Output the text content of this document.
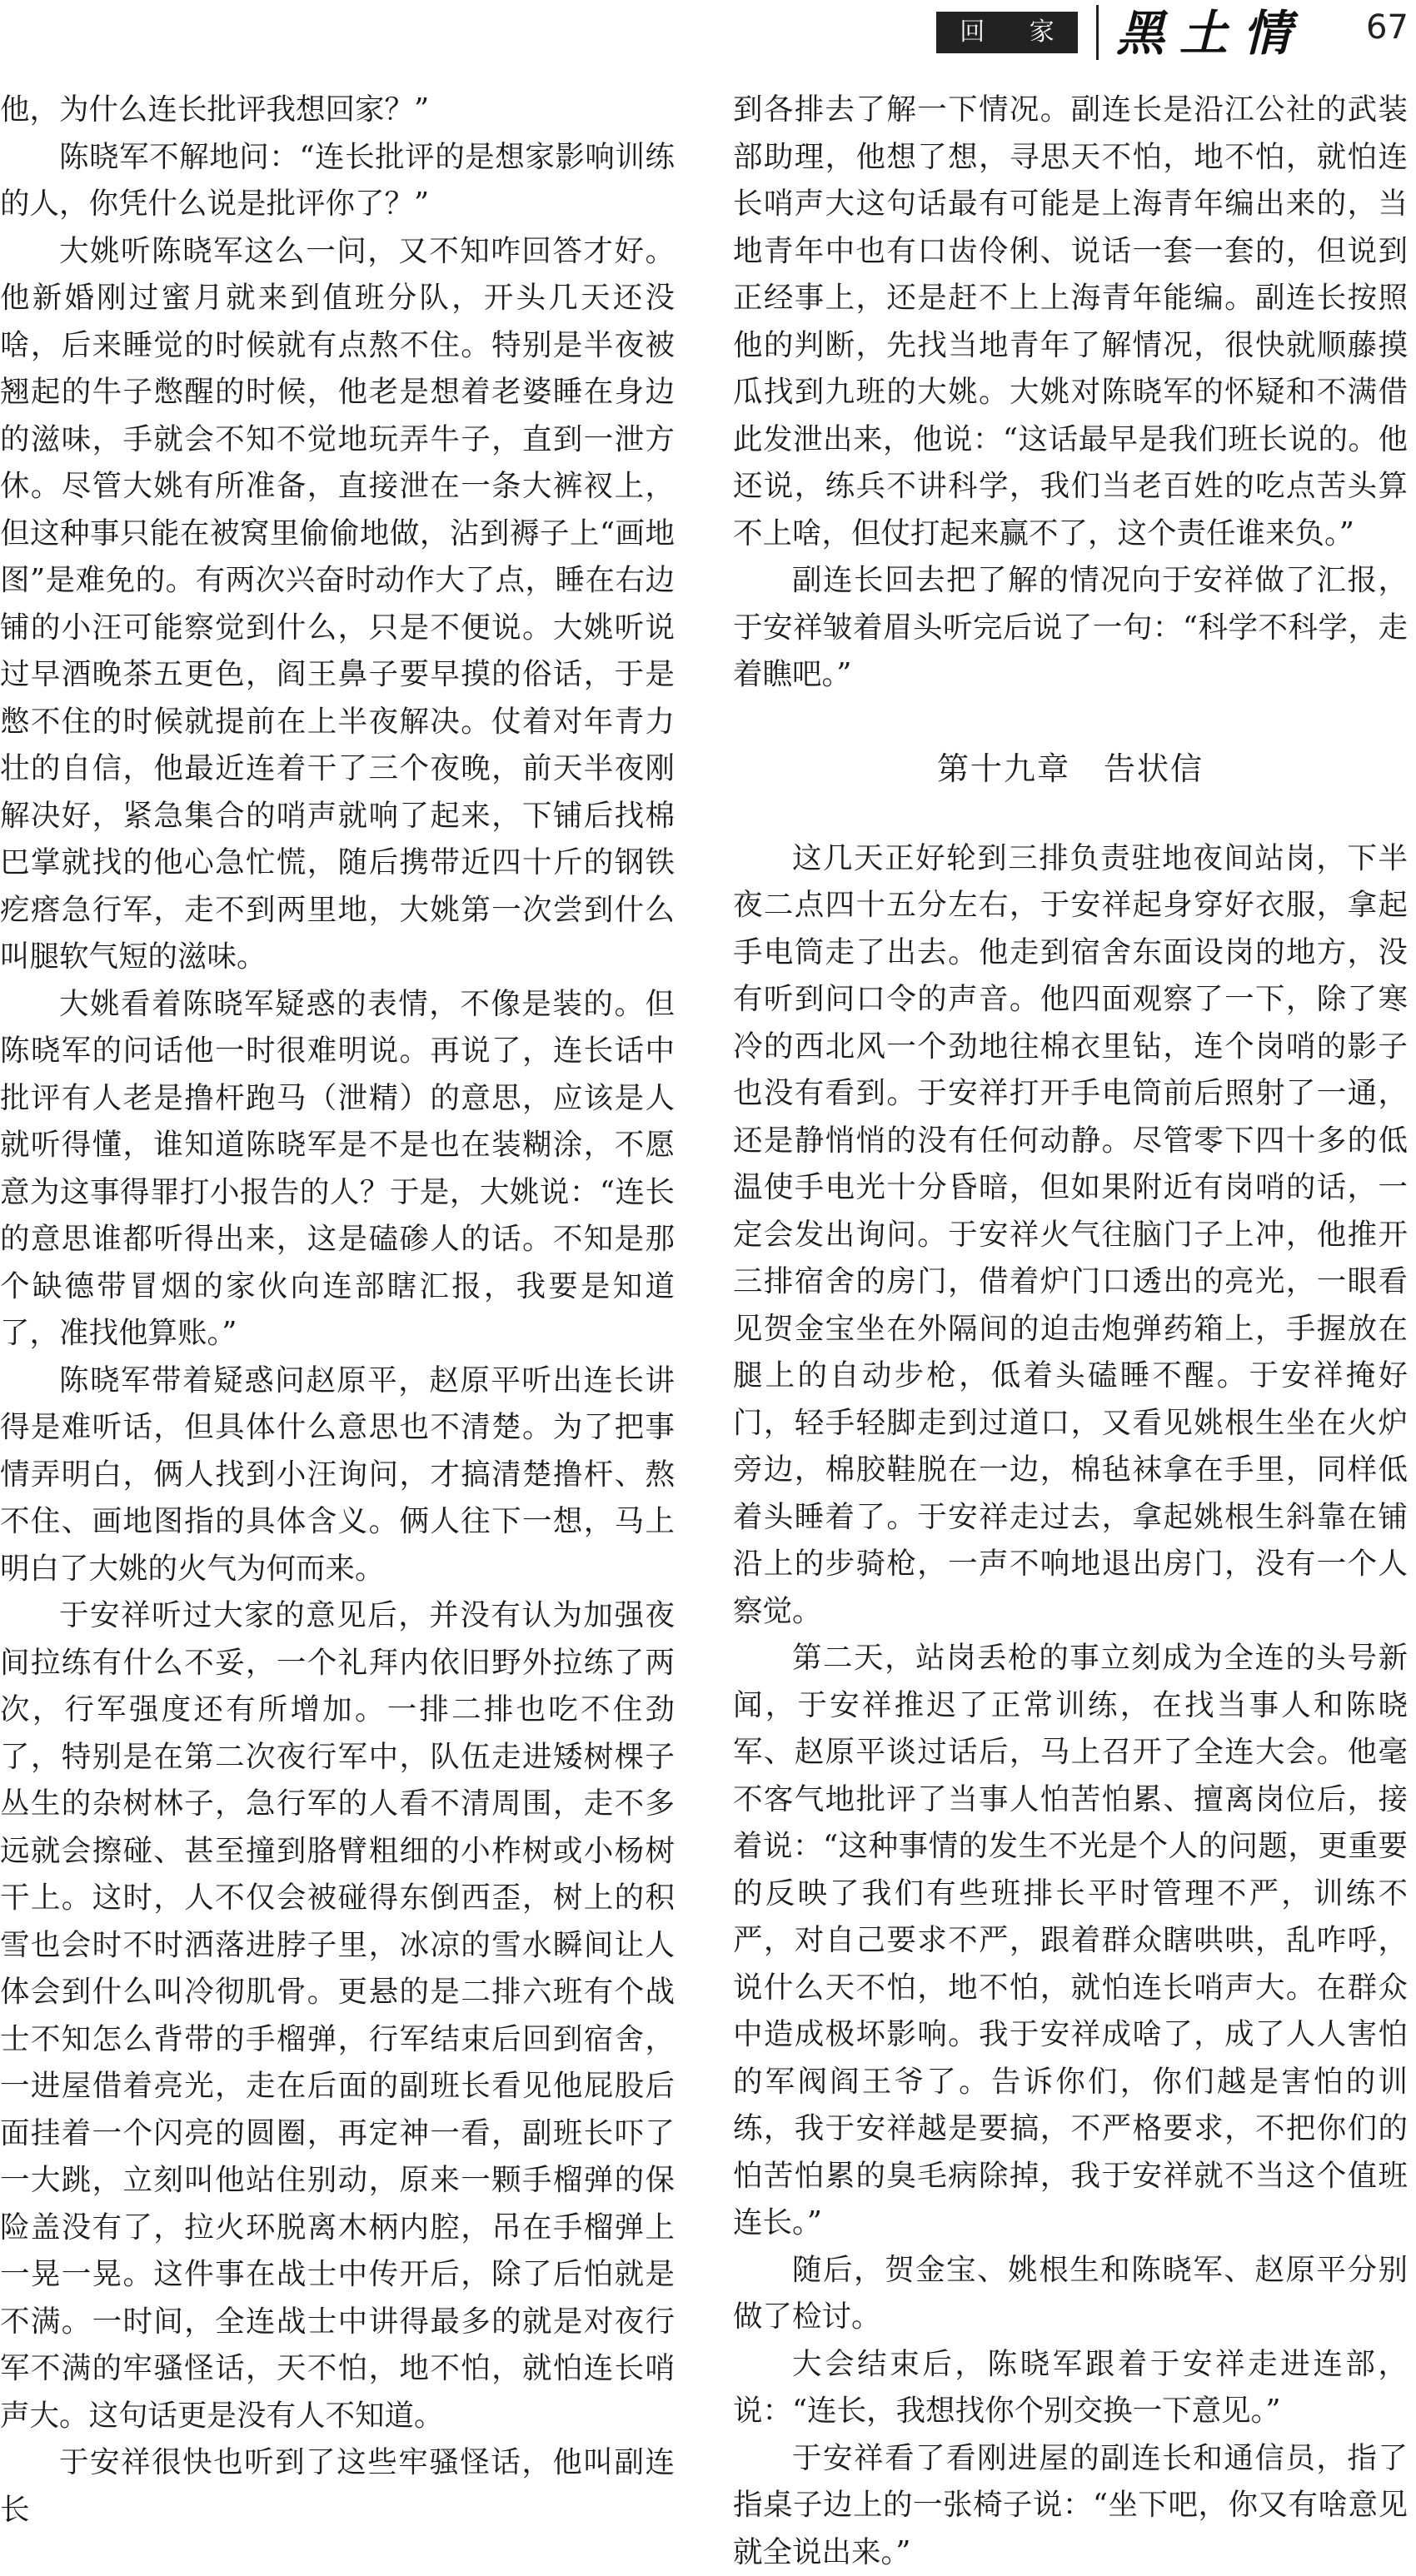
回 家 黑土情 67

他，为什么连长批评我想回家？”

陈晓军不解地问：“连长批评的是想家影响训练的人，你凭什么说是批评你了？”

大姚听陈晓军这么一问，又不知咋回答才好。他新婚刚过蜜月就来到值班分队，开头几天还没啥，后来睡觉的时候就有点熬不住。特别是半夜被翘起的牛子憋醒的时候，他老是想着老婆睡在身边的滋味，手就会不知不觉地玩弄牛子，直到一泄方休。尽管大姚有所准备，直接泄在一条大裤衩上，但这种事只能在被窝里偷偷地做，沾到褥子上“画地图”是难免的。有两次兴奋时动作大了点，睡在右边铺的小汪可能察觉到什么，只是不便说。大姚听说过早酒晚茶五更色，阎王鼻子要早摸的俗话，于是憋不住的时候就提前在上半夜解决。仗着对年青力壮的自信，他最近连着干了三个夜晚，前天半夜刚解决好，紧急集合的哨声就响了起来，下铺后找棉巴掌就找的他心急忙慌，随后携带近四十斤的钢铁疙瘩急行军，走不到两里地，大姚第一次尝到什么叫腿软气短的滋味。

大姚看着陈晓军疑惑的表情，不像是装的。但陈晓军的问话他一时很难明说。再说了，连长话中批评有人老是撸杆跑马（泄精）的意思，应该是人就听得懂，谁知道陈晓军是不是也在装糊涂，不愿意为这事得罪打小报告的人？于是，大姚说：“连长的意思谁都听得出来，这是磕碜人的话。不知是那个缺德带冒烟的家伙向连部瞎汇报，我要是知道了，准找他算账。”

陈晓军带着疑惑问赵原平，赵原平听出连长讲得是难听话，但具体什么意思也不清楚。为了把事情弄明白，俩人找到小汪询问，才搞清楚撸杆、熬不住、画地图指的具体含义。俩人往下一想，马上明白了大姚的火气为何而来。

于安祥听过大家的意见后，并没有认为加强夜间拉练有什么不妥，一个礼拜内依旧野外拉练了两次，行军强度还有所增加。一排二排也吃不住劲了，特别是在第二次夜行军中，队伍走进矮树棵子丛生的杂树林子，急行军的人看不清周围，走不多远就会擦碰、甚至撞到胳臂粗细的小柞树或小杨树干上。这时，人不仅会被碰得东倒西歪，树上的积雪也会时不时洒落进脖子里，冰凉的雪水瞬间让人体会到什么叫冷彻肌骨。更悬的是二排六班有个战士不知怎么背带的手榴弹，行军结束后回到宿舍，一进屋借着亮光，走在后面的副班长看见他屁股后面挂着一个闪亮的圆圈，再定神一看，副班长吓了一大跳，立刻叫他站住别动，原来一颗手榴弹的保险盖没有了，拉火环脱离木柄内腔，吊在手榴弹上一晃一晃。这件事在战士中传开后，除了后怕就是不满。一时间，全连战士中讲得最多的就是对夜行军不满的牢骚怪话，天不怕，地不怕，就怕连长哨声大。这句话更是没有人不知道。

于安祥很快也听到了这些牢骚怪话，他叫副连长

到各排去了解一下情况。副连长是沿江公社的武装部助理，他想了想，寻思天不怕，地不怕，就怕连长哨声大这句话最有可能是上海青年编出来的，当地青年中也有口齿伶俐、说话一套一套的，但说到正经事上，还是赶不上上海青年能编。副连长按照他的判断，先找当地青年了解情况，很快就顺藤摸瓜找到九班的大姚。大姚对陈晓军的怀疑和不满借此发泄出来，他说：“这话最早是我们班长说的。他还说，练兵不讲科学，我们当老百姓的吃点苦头算不上啥，但仗打起来赢不了，这个责任谁来负。”

副连长回去把了解的情况向于安祥做了汇报，于安祥皱着眉头听完后说了一句：“科学不科学，走着瞧吧。”

第十九章　告状信

这几天正好轮到三排负责驻地夜间站岗，下半夜二点四十五分左右，于安祥起身穿好衣服，拿起手电筒走了出去。他走到宿舍东面设岗的地方，没有听到问口令的声音。他四面观察了一下，除了寒冷的西北风一个劲地往棉衣里钻，连个岗哨的影子也没有看到。于安祥打开手电筒前后照射了一通，还是静悄悄的没有任何动静。尽管零下四十多的低温使手电光十分昏暗，但如果附近有岗哨的话，一定会发出询问。于安祥火气往脑门子上冲，他推开三排宿舍的房门，借着炉门口透出的亮光，一眼看见贺金宝坐在外隔间的迫击炮弹药箱上，手握放在腿上的自动步枪，低着头磕睡不醒。于安祥掩好门，轻手轻脚走到过道口，又看见姚根生坐在火炉旁边，棉胶鞋脱在一边，棉毡袜拿在手里，同样低着头睡着了。于安祥走过去，拿起姚根生斜靠在铺沿上的步骑枪，一声不响地退出房门，没有一个人察觉。

第二天，站岗丢枪的事立刻成为全连的头号新闻，于安祥推迟了正常训练，在找当事人和陈晓军、赵原平谈过话后，马上召开了全连大会。他毫不客气地批评了当事人怕苦怕累、擅离岗位后，接着说：“这种事情的发生不光是个人的问题，更重要的反映了我们有些班排长平时管理不严，训练不严，对自己要求不严，跟着群众瞎哄哄，乱咋呼，说什么天不怕，地不怕，就怕连长哨声大。在群众中造成极坏影响。我于安祥成啥了，成了人人害怕的军阀阎王爷了。告诉你们，你们越是害怕的训练，我于安祥越是要搞，不严格要求，不把你们的怕苦怕累的臭毛病除掉，我于安祥就不当这个值班连长。”

随后，贺金宝、姚根生和陈晓军、赵原平分别做了检讨。

大会结束后，陈晓军跟着于安祥走进连部，说：“连长，我想找你个别交换一下意见。”

于安祥看了看刚进屋的副连长和通信员，指了指桌子边上的一张椅子说：“坐下吧，你又有啥意见就全说出来。”
